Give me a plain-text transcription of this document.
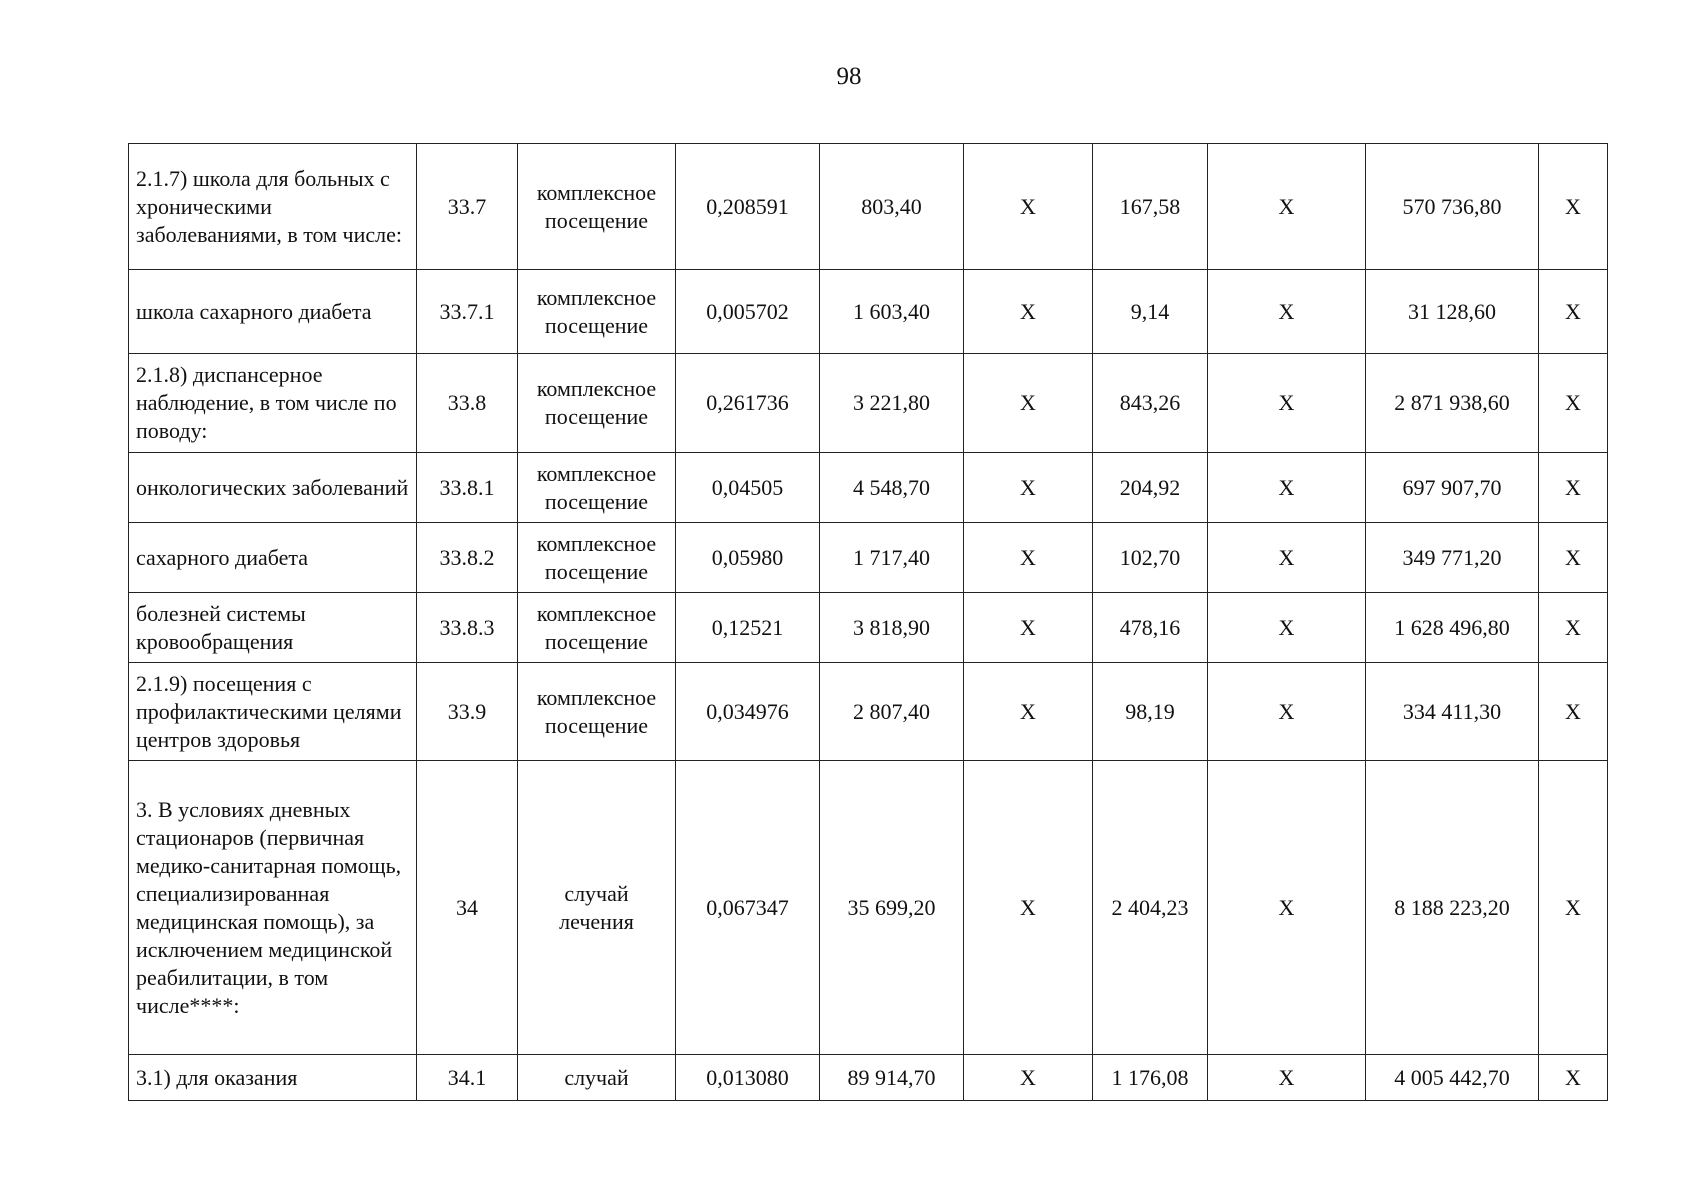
98
2.1.7) школа для больных с хроническими заболеваниями, в том числе:	33.7	комплексное посещение	0,208591	803,40	Х	167,58	Х	570 736,80	Х
школа сахарного диабета	33.7.1	комплексное посещение	0,005702	1 603,40	Х	9,14	Х	31 128,60	Х
2.1.8) диспансерное наблюдение, в том числе по поводу:	33.8	комплексное посещение	0,261736	3 221,80	Х	843,26	Х	2 871 938,60	Х
онкологических заболеваний	33.8.1	комплексное посещение	0,04505	4 548,70	Х	204,92	Х	697 907,70	Х
сахарного диабета	33.8.2	комплексное посещение	0,05980	1 717,40	Х	102,70	Х	349 771,20	Х
болезней системы кровообращения	33.8.3	комплексное посещение	0,12521	3 818,90	Х	478,16	Х	1 628 496,80	Х
2.1.9) посещения с профилактическими целями центров здоровья	33.9	комплексное посещение	0,034976	2 807,40	Х	98,19	Х	334 411,30	Х
3. В условиях дневных стационаров (первичная медико-санитарная помощь, специализированная медицинская помощь), за исключением медицинской реабилитации, в том числе****:	34	случай лечения	0,067347	35 699,20	Х	2 404,23	Х	8 188 223,20	Х
3.1) для оказания	34.1	случай	0,013080	89 914,70	Х	1 176,08	Х	4 005 442,70	Х
